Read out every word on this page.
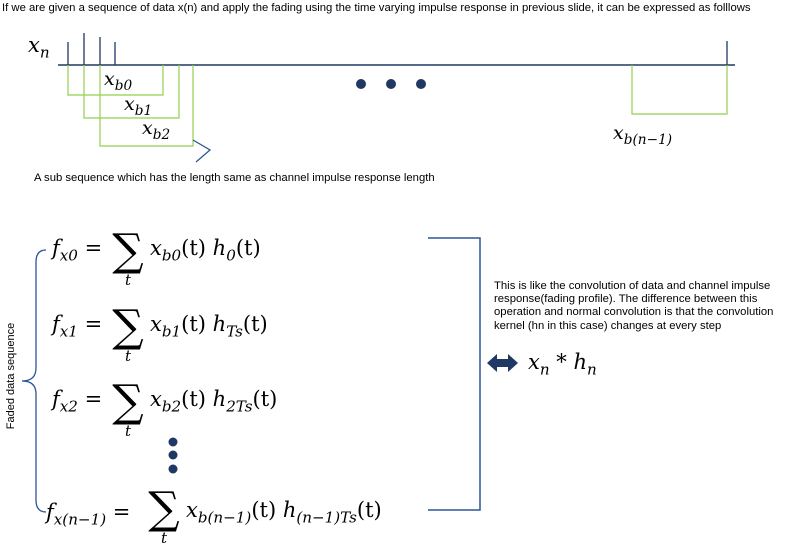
If we are given a sequence of data x(n) and apply the fading using the time varying impulse response in previous slide, it can be expressed as folllows
$x_n$
$x_{b0}$
$x_{b1}$
$x_{b2}$	$x_{b(n-1)}$
A sub sequence which has the length same as channel impulse response length
$f_{x0}$ = ∑
t
$x_{b0}(t)$ $h_0(t)$
$f_{x1}$ = ∑
t
$x_{b1}(t)$ $h_{Ts}(t)$
$f_{x2}$ = ∑
t
$x_{b2}(t)$ $h_{2Ts}(t)$
$f_{x(n-1)}$ = ∑
t
$x_{b(n-1)}(t)$ $h_{(n-1)Ts}(t)$
Faded data sequence
This is like the convolution of data and channel impulse response(fading profile). The difference between this operation and normal convolution is that the convolution kernel (hn in this case) changes at every step
$x_n * h_n$
